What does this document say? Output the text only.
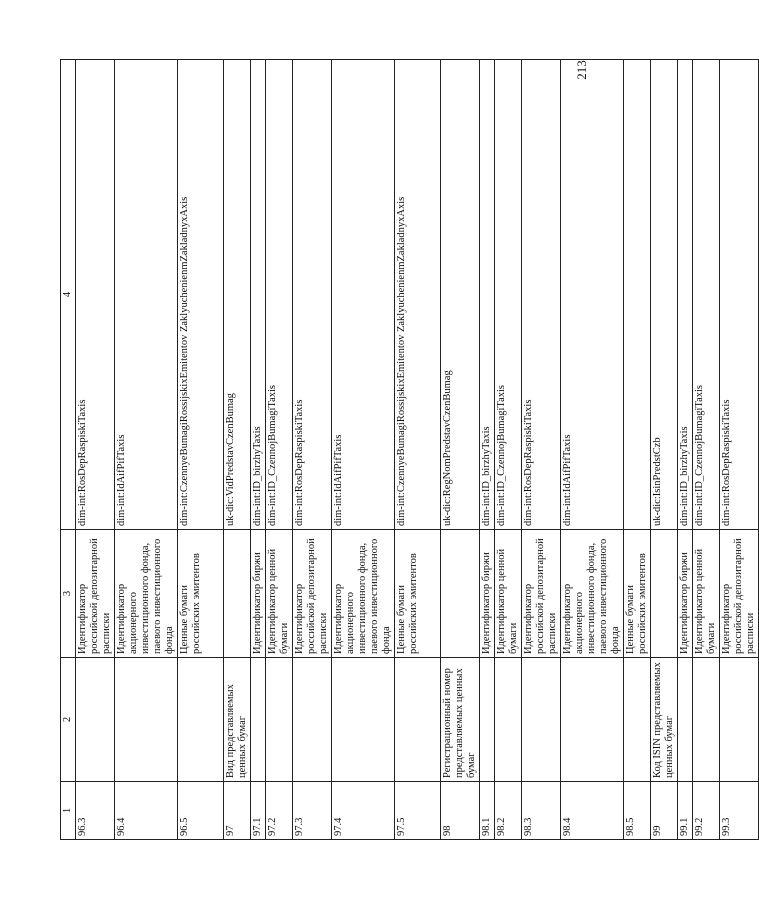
1	2	3	4
96.3		Идентификатор российской депозитарной расписки	dim-int:RosDepRaspiskiTaxis
96.4		Идентификатор акционерного инвестиционного фонда, паевого инвестиционного фонда	dim-int:IdAifPifTaxis
96.5		Ценные бумаги российских эмитентов	dim-int:CzennyeBumagiRossijskixEmitentov ZaklyuchenienmZakladnyxAxis
97	Вид представляемых ценных бумаг		uk-dic:VidPredstavCzenBumag
97.1		Идентификатор биржи	dim-int:ID_birzhyTaxis
97.2		Идентификатор ценной бумаги	dim-int:ID_CzennojBumagiTaxis
97.3		Идентификатор российской депозитарной расписки	dim-int:RosDepRaspiskiTaxis
97.4		Идентификатор акционерного инвестиционного фонда, паевого инвестиционного фонда	dim-int:IdAifPifTaxis
97.5		Ценные бумаги российских эмитентов	dim-int:CzennyeBumagiRossijskixEmitentov ZaklyuchenienmZakladnyxAxis
98	Регистрационный номер представляемых ценных бумаг		uk-dic:RegNomPredstavCzenBumag
98.1		Идентификатор биржи	dim-int:ID_birzhyTaxis
98.2		Идентификатор ценной бумаги	dim-int:ID_CzennojBumagiTaxis
98.3		Идентификатор российской депозитарной расписки	dim-int:RosDepRaspiskiTaxis
98.4		Идентификатор акционерного инвестиционного фонда, паевого инвестиционного фонда	dim-int:IdAifPifTaxis
98.5		Ценные бумаги российских эмитентов	
99	Код ISIN представляемых ценных бумаг		uk-dic:IsinPredstCzb
99.1		Идентификатор биржи	dim-int:ID_birzhyTaxis
99.2		Идентификатор ценной бумаги	dim-int:ID_CzennojBumagiTaxis
99.3		Идентификатор российской депозитарной расписки	dim-int:RosDepRaspiskiTaxis
213
